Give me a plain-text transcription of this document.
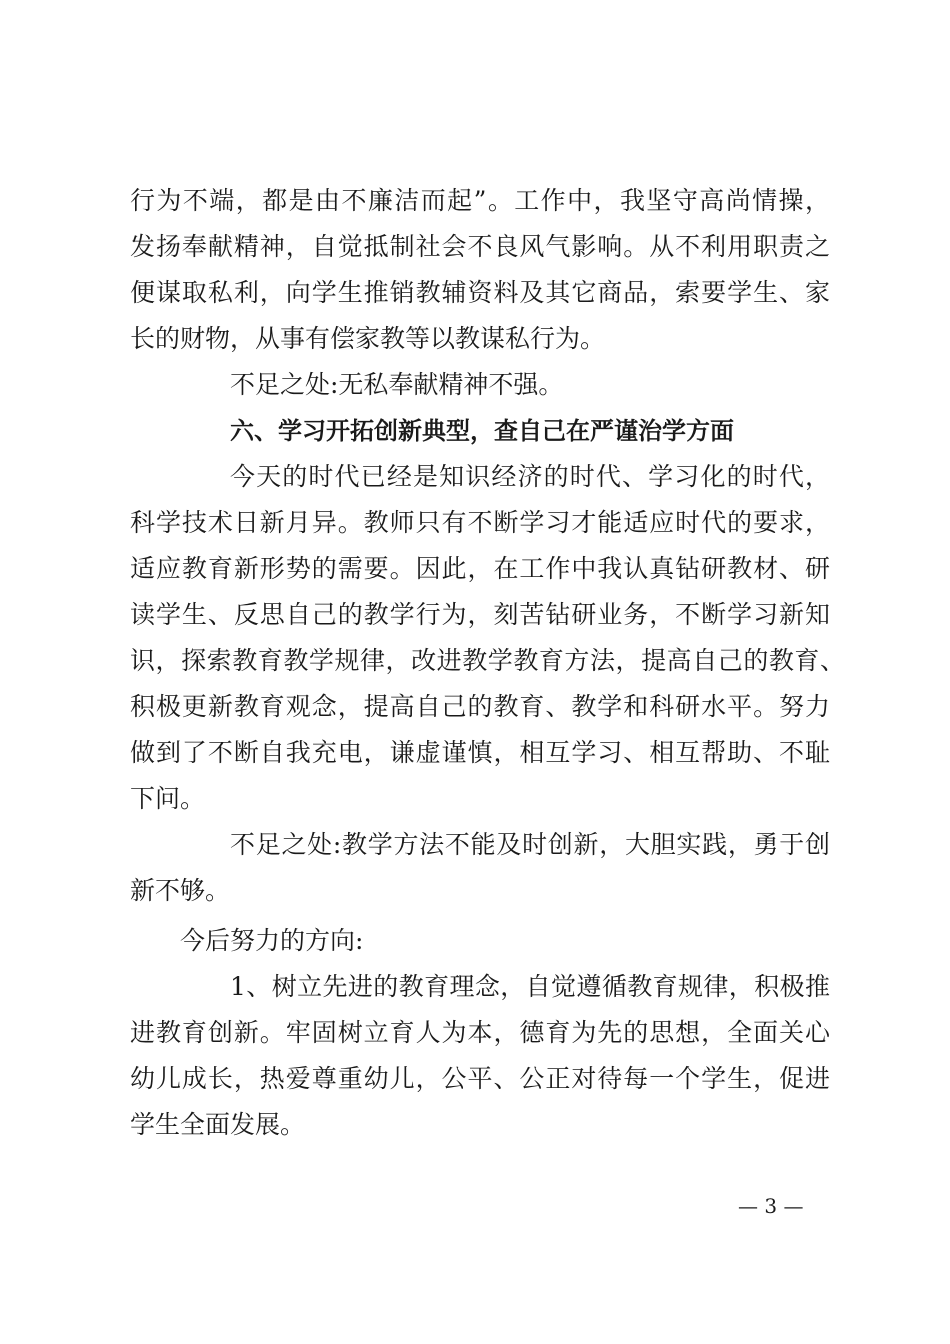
行为不端，都是由不廉洁而起”。工作中，我坚守高尚情操，
发扬奉献精神，自觉抵制社会不良风气影响。从不利用职责之
便谋取私利，向学生推销教辅资料及其它商品，索要学生、家
长的财物，从事有偿家教等以教谋私行为。
不足之处:无私奉献精神不强。
六、学习开拓创新典型，查自己在严谨治学方面
今天的时代已经是知识经济的时代、学习化的时代，
科学技术日新月异。教师只有不断学习才能适应时代的要求，
适应教育新形势的需要。因此，在工作中我认真钻研教材、研
读学生、反思自己的教学行为，刻苦钻研业务，不断学习新知
识，探索教育教学规律，改进教学教育方法，提高自己的教育、
积极更新教育观念，提高自己的教育、教学和科研水平。努力
做到了不断自我充电，谦虚谨慎，相互学习、相互帮助、不耻
下问。
不足之处:教学方法不能及时创新，大胆实践，勇于创
新不够。
今后努力的方向:
1、树立先进的教育理念，自觉遵循教育规律，积极推
进教育创新。牢固树立育人为本，德育为先的思想，全面关心
幼儿成长，热爱尊重幼儿，公平、公正对待每一个学生，促进
学生全面发展。
— 3 —
